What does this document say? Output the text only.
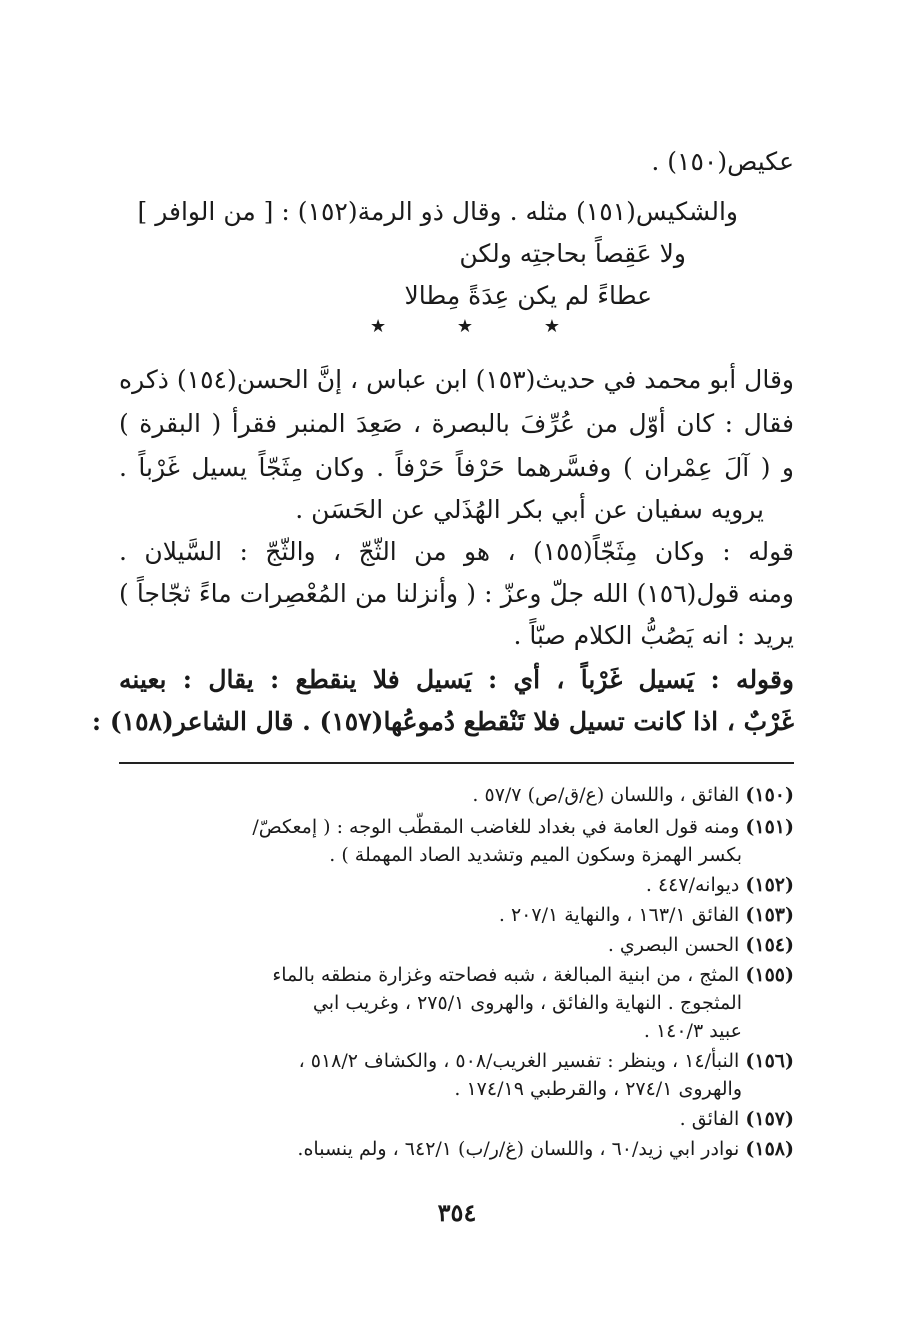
عكيص(١٥٠) .

والشكيس(١٥١) مثله . وقال ذو الرمة(١٥٢) : [ من الوافر ]

ولا عَقِصاً بحاجتِه ولكن

عطاءً لم يكن عِدَةً مِطالا

★	★	★

وقال أبو محمد في حديث(١٥٣) ابن عباس ، إنَّ الحسن(١٥٤) ذكره

فقال : كان أوّل من عُرِّفَ بالبصرة ، صَعِدَ المنبر فقرأ ( البقرة )

و ( آلَ عِمْران ) وفسَّرهما حَرْفاً حَرْفاً . وكان مِثَجّاً يسيل غَرْباً .

يرويه سفيان عن أبي بكر الهُذَلي عن الحَسَن .

قوله : وكان مِثَجّاً(١٥٥) ، هو من الثّجّ ، والثّجّ : السَّيلان .

ومنه قول(١٥٦) الله جلّ وعزّ : ( وأنزلنا من المُعْصِرات ماءً ثجّاجاً )

يريد : انه يَصُبُّ الكلام صبّاً .

وقوله : يَسيل غَرْباً ، أي : يَسيل فلا ينقطع : يقال : بعينه

غَرْبٌ ، اذا كانت تسيل فلا تَنْقطع دُموعُها(١٥٧) . قال الشاعر(١٥٨) :

(١٥٠) الفائق ، واللسان (ع/ق/ص) ٥٧/٧ .

(١٥١) ومنه قول العامة في بغداد للغاضب المقطّب الوجه : ( إمعكصّ/

بكسر الهمزة وسكون الميم وتشديد الصاد المهملة ) .

(١٥٢) ديوانه/٤٤٧ .

(١٥٣) الفائق ١٦٣/١ ، والنهاية ٢٠٧/١ .

(١٥٤) الحسن البصري .

(١٥٥) المثج ، من ابنية المبالغة ، شبه فصاحته وغزارة منطقه بالماء

المثجوج . النهاية والفائق ، والهروى ٢٧٥/١ ، وغريب ابي

عبيد ١٤٠/٣ .

(١٥٦) النبأ/١٤ ، وينظر : تفسير الغريب/٥٠٨ ، والكشاف ٥١٨/٢ ،

والهروى ٢٧٤/١ ، والقرطبي ١٧٤/١٩ .

(١٥٧) الفائق .

(١٥٨) نوادر ابي زيد/٦٠ ، واللسان (غ/ر/ب) ٦٤٢/١ ، ولم ينسباه.

٣٥٤
